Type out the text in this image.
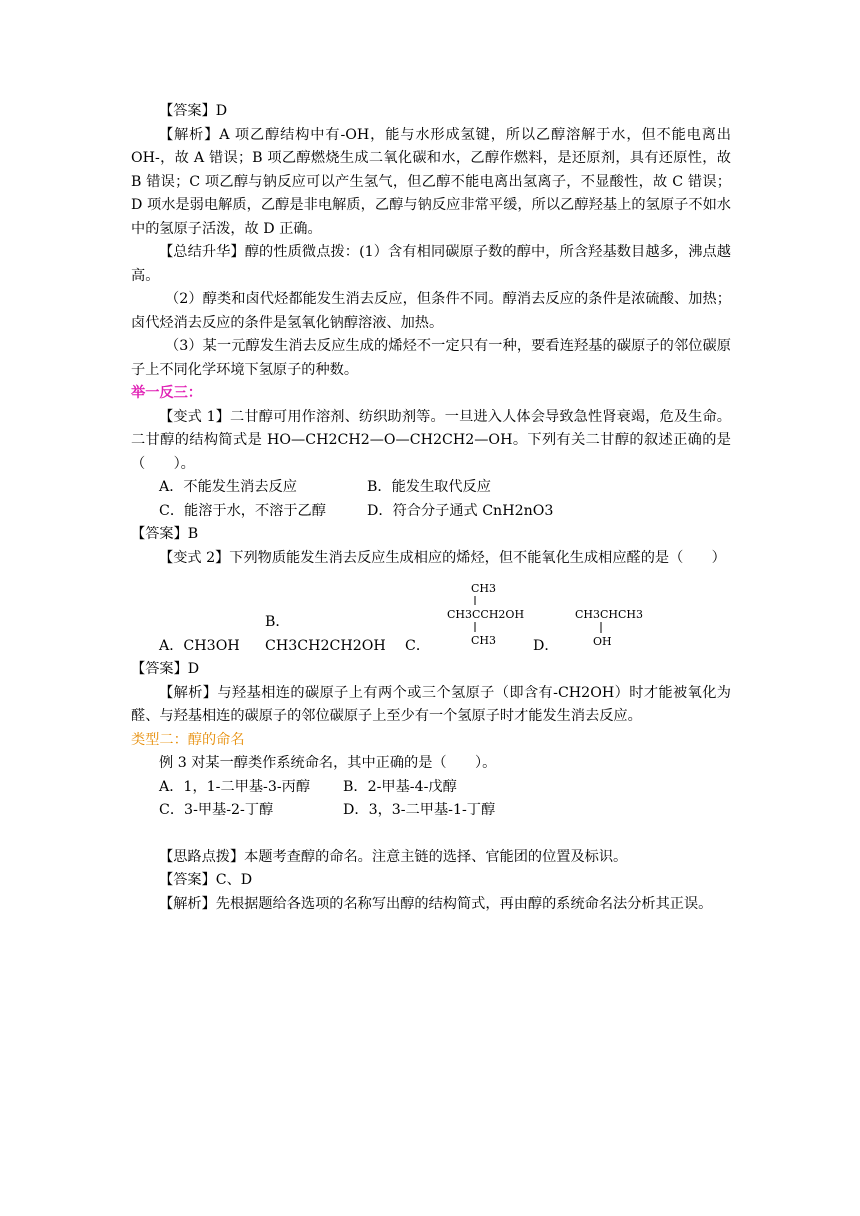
【答案】D

【解析】A 项乙醇结构中有-OH，能与水形成氢键，所以乙醇溶解于水，但不能电离出OH-，故 A 错误；B 项乙醇燃烧生成二氧化碳和水，乙醇作燃料，是还原剂，具有还原性，故 B 错误；C 项乙醇与钠反应可以产生氢气，但乙醇不能电离出氢离子，不显酸性，故 C 错误；D 项水是弱电解质，乙醇是非电解质，乙醇与钠反应非常平缓，所以乙醇羟基上的氢原子不如水中的氢原子活泼，故 D 正确。

【总结升华】醇的性质微点拨：(1）含有相同碳原子数的醇中，所含羟基数目越多，沸点越高。

（2）醇类和卤代烃都能发生消去反应，但条件不同。醇消去反应的条件是浓硫酸、加热；卤代烃消去反应的条件是氢氧化钠醇溶液、加热。

（3）某一元醇发生消去反应生成的烯烃不一定只有一种，要看连羟基的碳原子的邻位碳原子上不同化学环境下氢原子的种数。

举一反三：

【变式 1】二甘醇可用作溶剂、纺织助剂等。一旦进入人体会导致急性肾衰竭，危及生命。二甘醇的结构简式是 HO—CH2CH2—O—CH2CH2—OH。下列有关二甘醇的叙述正确的是（　　）。

A．不能发生消去反应	B．能发生取代反应
C．能溶于水，不溶于乙醇	D．符合分子通式 CnH2nO3

【答案】B

【变式 2】下列物质能发生消去反应生成相应的烯烃，但不能氧化生成相应醛的是（　　）

A．CH3OH
B．CH3CH2CH2OH	C．
CH3
CH3CCH2OH
CH3	D．
CH3CHCH3
OH

【答案】D

【解析】与羟基相连的碳原子上有两个或三个氢原子（即含有-CH2OH）时才能被氧化为醛、与羟基相连的碳原子的邻位碳原子上至少有一个氢原子时才能发生消去反应。

类型二：醇的命名

例 3 对某一醇类作系统命名，其中正确的是（　　）。

A．1，1-二甲基-3-丙醇	B．2-甲基-4-戊醇
C．3-甲基-2-丁醇	D．3，3-二甲基-1-丁醇

【思路点拨】本题考查醇的命名。注意主链的选择、官能团的位置及标识。

【答案】C、D

【解析】先根据题给各选项的名称写出醇的结构简式，再由醇的系统命名法分析其正误。
